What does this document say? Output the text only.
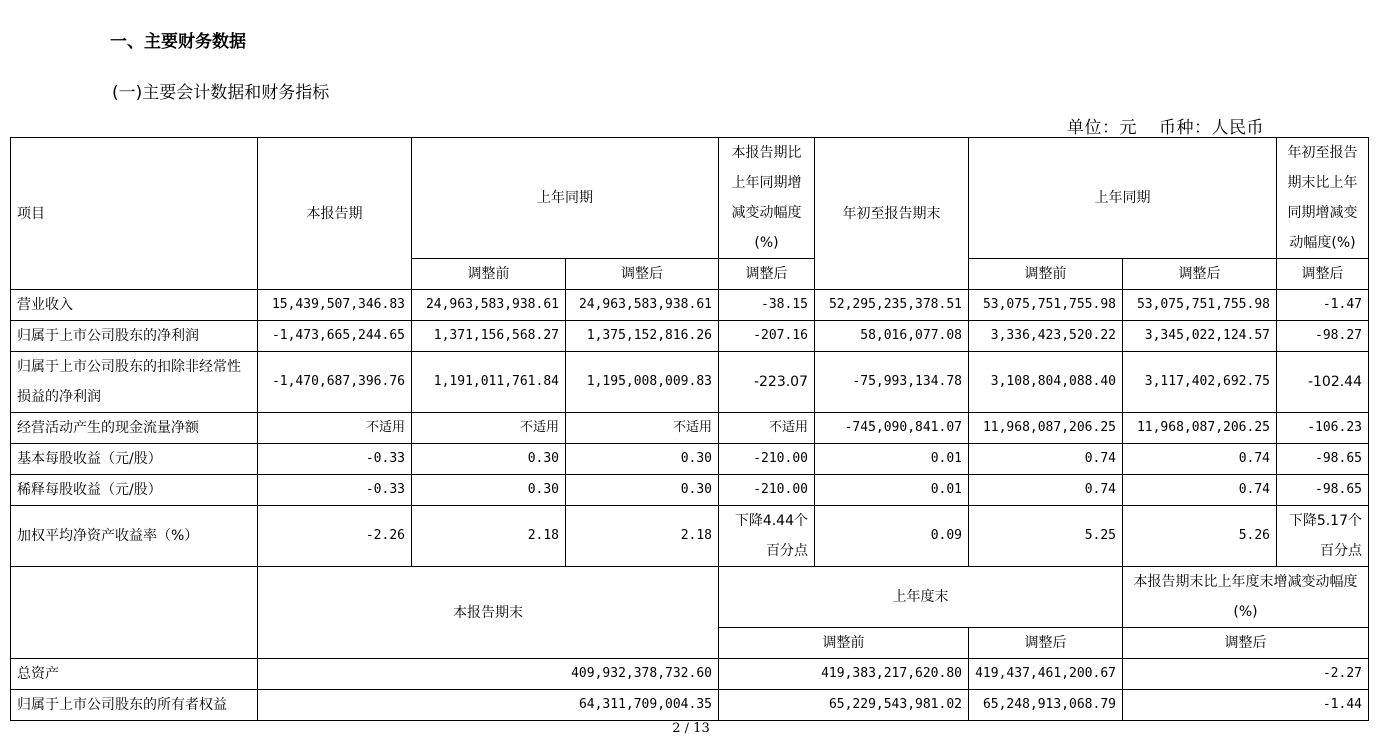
一、主要财务数据
(一)主要会计数据和财务指标
单位：元 币种：人民币
项目	本报告期	上年同期		本报告期比上年同期增减变动幅度(%)	年初至报告期末	上年同期		年初至报告期末比上年同期增减变动幅度(%)
		调整前	调整后	调整后		调整前	调整后	调整后
营业收入	15,439,507,346.83	24,963,583,938.61	24,963,583,938.61	-38.15	52,295,235,378.51	53,075,751,755.98	53,075,751,755.98	-1.47
归属于上市公司股东的净利润	-1,473,665,244.65	1,371,156,568.27	1,375,152,816.26	-207.16	58,016,077.08	3,336,423,520.22	3,345,022,124.57	-98.27
归属于上市公司股东的扣除非经常性损益的净利润	-1,470,687,396.76	1,191,011,761.84	1,195,008,009.83	-223.07	-75,993,134.78	3,108,804,088.40	3,117,402,692.75	-102.44
经营活动产生的现金流量净额	不适用	不适用	不适用	不适用	-745,090,841.07	11,968,087,206.25	11,968,087,206.25	-106.23
基本每股收益（元/股）	-0.33	0.30	0.30	-210.00	0.01	0.74	0.74	-98.65
稀释每股收益（元/股）	-0.33	0.30	0.30	-210.00	0.01	0.74	0.74	-98.65
加权平均净资产收益率（%）	-2.26	2.18	2.18	下降4.44个百分点	0.09	5.25	5.26	下降5.17个百分点
	本报告期末			上年度末			本报告期末比上年度末增减变动幅度(%)	
				调整前		调整后	调整后	
总资产	409,932,378,732.60			419,383,217,620.80		419,437,461,200.67	-2.27	
归属于上市公司股东的所有者权益	64,311,709,004.35			65,229,543,981.02		65,248,913,068.79	-1.44	
2 / 13
